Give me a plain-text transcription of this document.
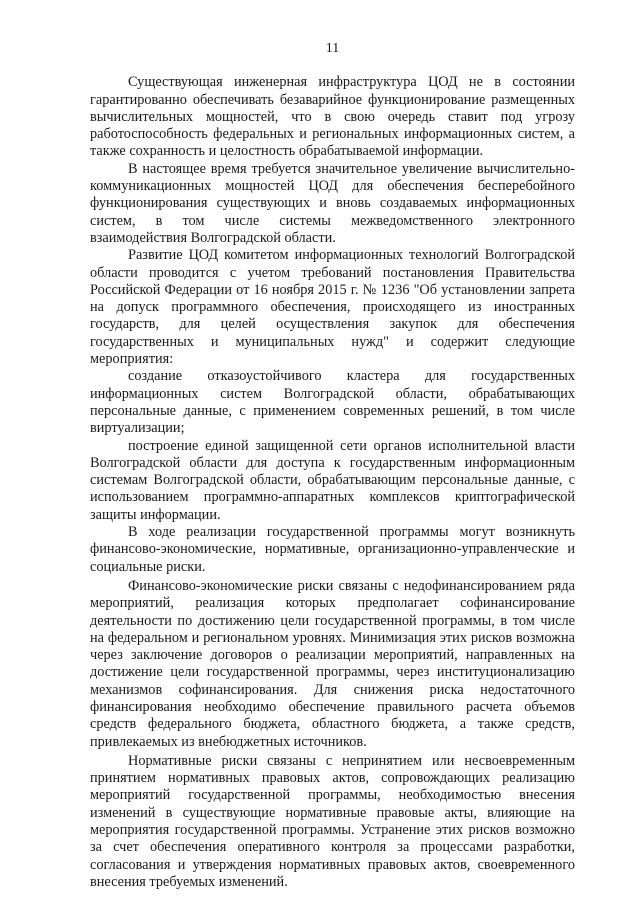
11

Существующая инженерная инфраструктура ЦОД не в состоянии гарантированно обеспечивать безаварийное функционирование размещенных вычислительных мощностей, что в свою очередь ставит под угрозу работоспособность федеральных и региональных информационных систем, а также сохранность и целостность обрабатываемой информации.

В настоящее время требуется значительное увеличение вычислительно-коммуникационных мощностей ЦОД для обеспечения бесперебойного функционирования существующих и вновь создаваемых информационных систем, в том числе системы межведомственного электронного взаимодействия Волгоградской области.

Развитие ЦОД комитетом информационных технологий Волгоградской области проводится с учетом требований постановления Правительства Российской Федерации от 16 ноября 2015 г. № 1236 "Об установлении запрета на допуск программного обеспечения, происходящего из иностранных государств, для целей осуществления закупок для обеспечения государственных и муниципальных нужд" и содержит следующие мероприятия:

создание отказоустойчивого кластера для государственных информационных систем Волгоградской области, обрабатывающих персональные данные, с применением современных решений, в том числе виртуализации;

построение единой защищенной сети органов исполнительной власти Волгоградской области для доступа к государственным информационным системам Волгоградской области, обрабатывающим персональные данные, с использованием программно-аппаратных комплексов криптографической защиты информации.

В ходе реализации государственной программы могут возникнуть финансово-экономические, нормативные, организационно-управленческие и социальные риски.

Финансово-экономические риски связаны с недофинансированием ряда мероприятий, реализация которых предполагает софинансирование деятельности по достижению цели государственной программы, в том числе на федеральном и региональном уровнях. Минимизация этих рисков возможна через заключение договоров о реализации мероприятий, направленных на достижение цели государственной программы, через институционализацию механизмов софинансирования. Для снижения риска недостаточного финансирования необходимо обеспечение правильного расчета объемов средств федерального бюджета, областного бюджета, а также средств, привлекаемых из внебюджетных источников.

Нормативные риски связаны с непринятием или несвоевременным принятием нормативных правовых актов, сопровождающих реализацию мероприятий государственной программы, необходимостью внесения изменений в существующие нормативные правовые акты, влияющие на мероприятия государственной программы. Устранение этих рисков возможно за счет обеспечения оперативного контроля за процессами разработки, согласования и утверждения нормативных правовых актов, своевременного внесения требуемых изменений.
